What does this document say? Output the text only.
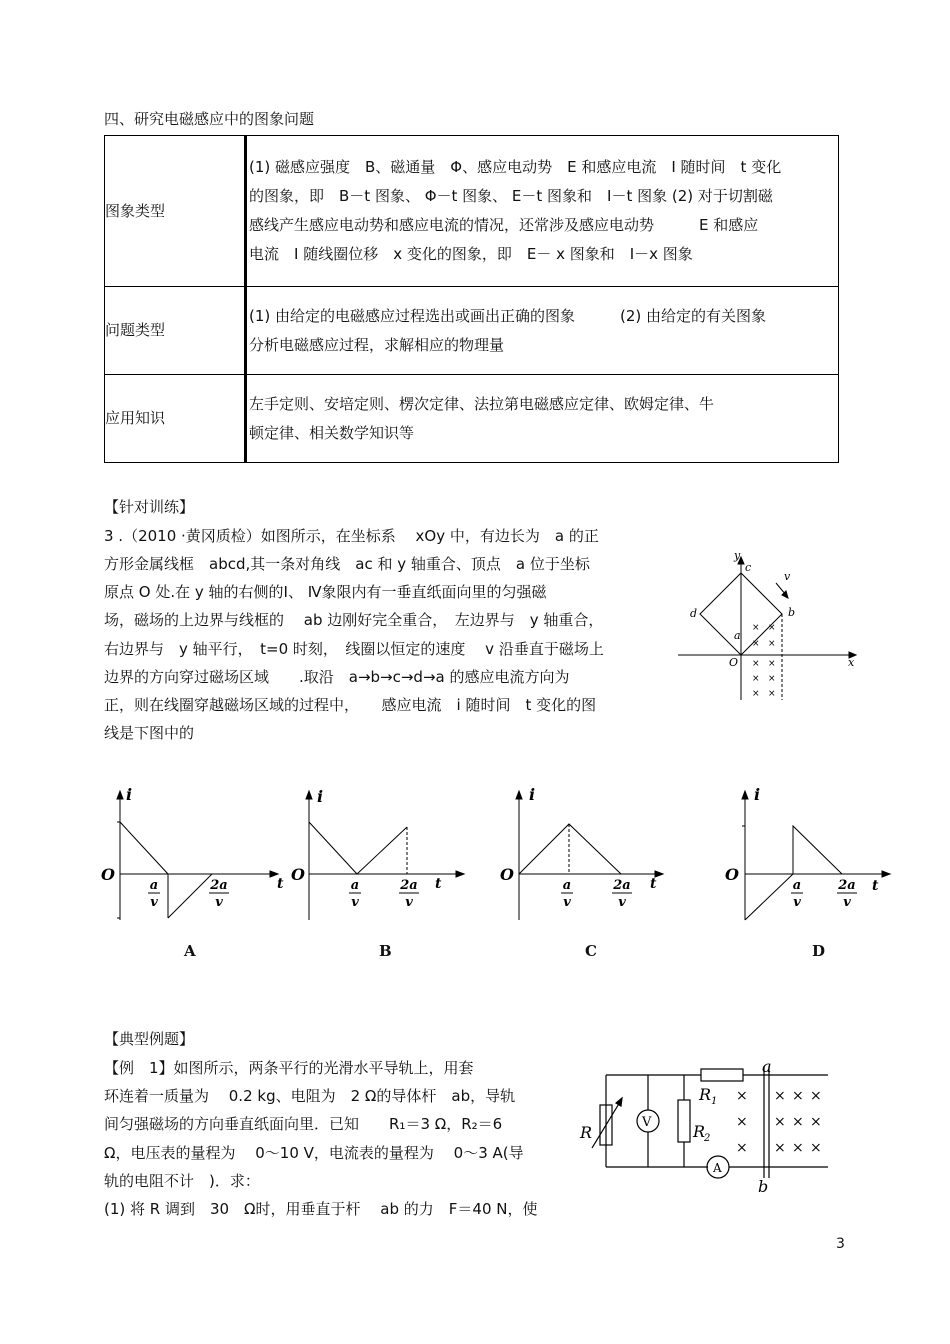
四、研究电磁感应中的图象问题
图象类型	(1) 磁感应强度　B、磁通量　Φ、感应电动势　E 和感应电流　I 随时间　t 变化
的图象，即　B－t 图象、 Φ－t 图象、 E－t 图象和　I－t 图象 (2) 对于切割磁
感线产生感应电动势和感应电流的情况，还常涉及感应电动势　　　E 和感应
电流　I 随线圈位移　x 变化的图象，即　E－ x 图象和　I－x 图象

问题类型	(1) 由给定的电磁感应过程选出或画出正确的图象　　　(2) 由给定的有关图象
分析电磁感应过程，求解相应的物理量

应用知识	左手定则、安培定则、楞次定律、法拉第电磁感应定律、欧姆定律、牛
顿定律、相关数学知识等
【针对训练】
3 .（2010 ·黄冈质检）如图所示，在坐标系　 xOy 中，有边长为　a 的正
方形金属线框　abcd,其一条对角线　ac 和 y 轴重合、顶点　a 位于坐标
原点 O 处.在 y 轴的右侧的Ⅰ、 Ⅳ象限内有一垂直纸面向里的匀强磁
场，磁场的上边界与线框的　 ab 边刚好完全重合，　左边界与　y 轴重合，
右边界与　y 轴平行，　t=0 时刻，　线圈以恒定的速度　 v 沿垂直于磁场上
边界的方向穿过磁场区域　　.取沿　a→b→c→d→a 的感应电流方向为
正，则在线圈穿越磁场区域的过程中，　　感应电流　i 随时间　t 变化的图
线是下图中的
× ×
× ×
× ×
× ×
× ×
y
x
O
a
b
c
d
v
i
O	t
a
v
2a
v
A
i
O	t
a
v
2a
v
B
i
O	t
a
v
2a
v
C
i
O
t
a
v
2a
v
D
【典型例题】
【例　1】如图所示，两条平行的光滑水平导轨上，用套
环连着一质量为　 0.2 kg、电阻为　2 Ω的导体杆　ab，导轨
间匀强磁场的方向垂直纸面向里．已知　　R₁＝3 Ω，R₂＝6
Ω，电压表的量程为　 0～10 V，电流表的量程为　 0～3 A(导
轨的电阻不计　)．求：
(1) 将 R 调到　30　Ω时，用垂直于杆　 ab 的力　F＝40 N，使
×
×
×
× × ×
× × ×
× × ×
R 1
R
2
R
a
b
V
A
3
